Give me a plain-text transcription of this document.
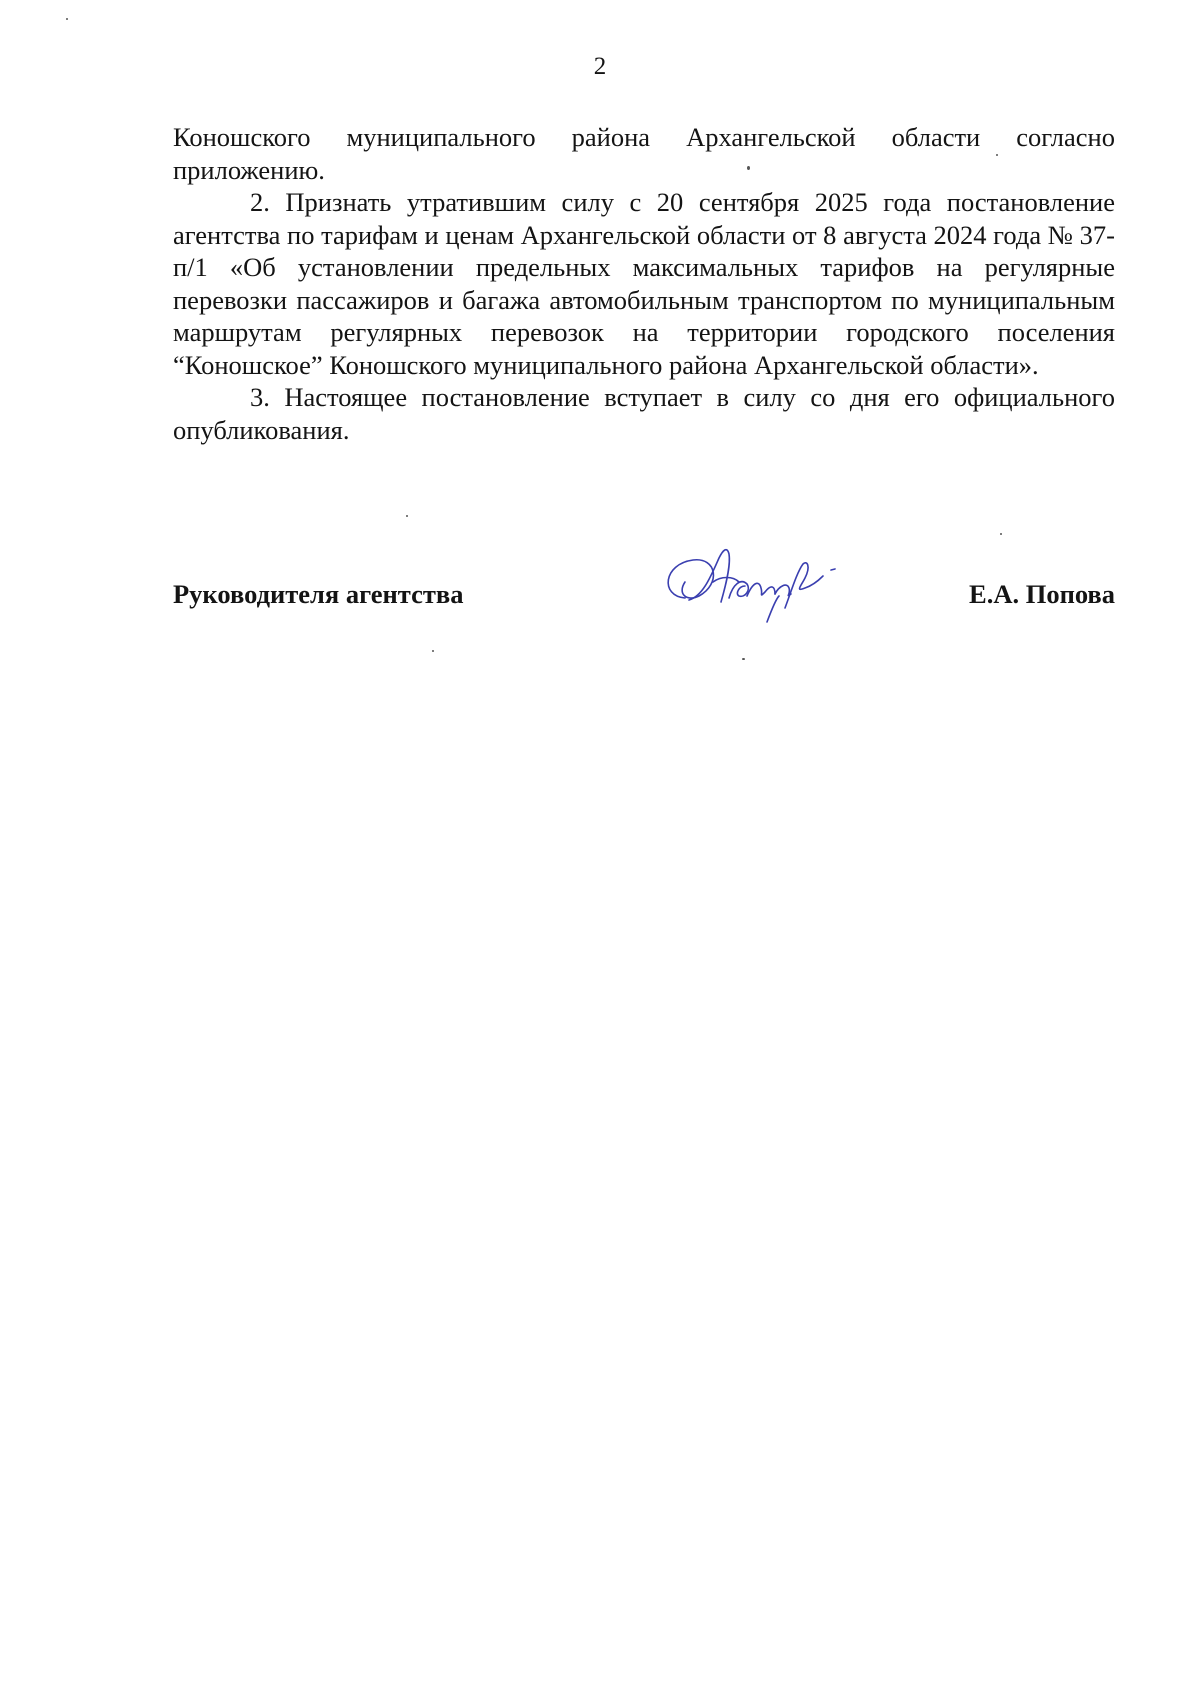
2

Коношского муниципального района Архангельской области согласно приложению.

2. Признать утратившим силу с 20 сентября 2025 года постановление агентства по тарифам и ценам Архангельской области от 8 августа 2024 года № 37-п/1 «Об установлении предельных максимальных тарифов на регулярные перевозки пассажиров и багажа автомобильным транспортом по муниципальным маршрутам регулярных перевозок на территории городского поселения “Коношское” Коношского муниципального района Архангельской области».

3. Настоящее постановление вступает в силу со дня его официального опубликования.

Руководителя агентства	Е.А. Попова
